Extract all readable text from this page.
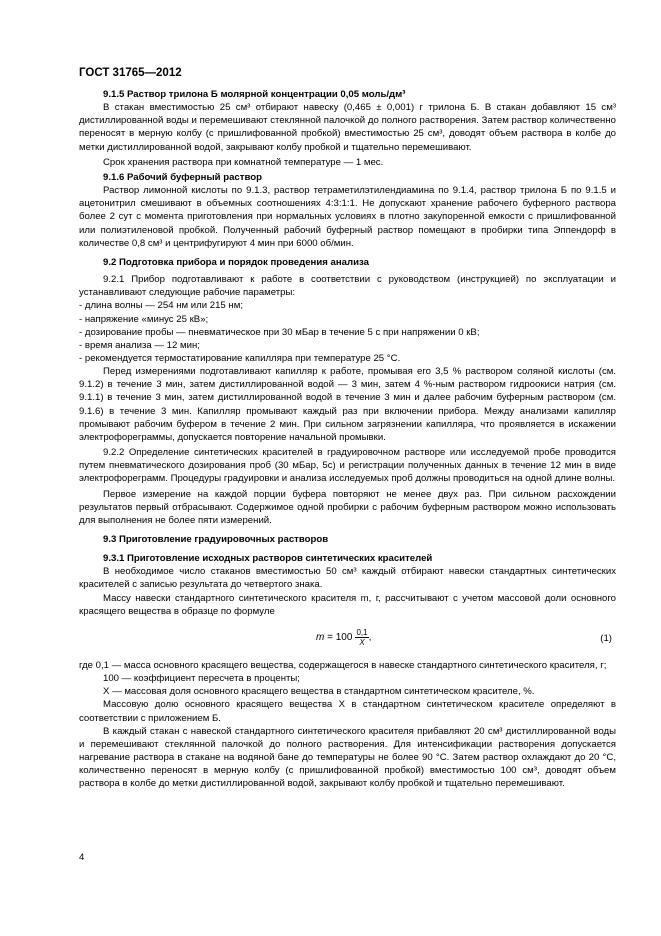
ГОСТ 31765—2012

9.1.5 Раствор трилона Б молярной концентрации 0,05 моль/дм³

В стакан вместимостью 25 см³ отбирают навеску (0,465 ± 0,001) г трилона Б. В стакан добавляют 15 см³ дистиллированной воды и перемешивают стеклянной палочкой до полного растворения. Затем раствор количественно переносят в мерную колбу (с пришлифованной пробкой) вместимостью 25 см³, доводят объем раствора в колбе до метки дистиллированной водой, закрывают колбу пробкой и тщательно перемешивают.

Срок хранения раствора при комнатной температуре — 1 мес.

9.1.6 Рабочий буферный раствор

Раствор лимонной кислоты по 9.1.3, раствор тетраметилэтилендиамина по 9.1.4, раствор трилона Б по 9.1.5 и ацетонитрил смешивают в объемных соотношениях 4:3:1:1. Не допускают хранение рабочего буферного раствора более 2 сут с момента приготовления при нормальных условиях в плотно закупоренной емкости с пришлифованной или полиэтиленовой пробкой. Полученный рабочий буферный раствор помещают в пробирки типа Эппендорф в количестве 0,8 см³ и центрифугируют 4 мин при 6000 об/мин.

9.2 Подготовка прибора и порядок проведения анализа

9.2.1 Прибор подготавливают к работе в соответствии с руководством (инструкцией) по эксплуатации и устанавливают следующие рабочие параметры:

- длина волны — 254 нм или 215 нм;

- напряжение «минус 25 кВ»;

- дозирование пробы — пневматическое при 30 мБар в течение 5 с при напряжении 0 кВ;

- время анализа — 12 мин;

- рекомендуется термостатирование капилляра при температуре 25 °С.

Перед измерениями подготавливают капилляр к работе, промывая его 3,5 % раствором соляной кислоты (см. 9.1.2) в течение 3 мин, затем дистиллированной водой — 3 мин, затем 4 %-ным раствором гидроокиси натрия (см. 9.1.1) в течение 3 мин, затем дистиллированной водой в течение 3 мин и далее рабочим буферным раствором (см. 9.1.6) в течение 3 мин. Капилляр промывают каждый раз при включении прибора. Между анализами капилляр промывают рабочим буфером в течение 2 мин. При сильном загрязнении капилляра, что проявляется в искажении электрофореграммы, допускается повторение начальной промывки.

9.2.2 Определение синтетических красителей в градуировочном растворе или исследуемой пробе проводится путем пневматического дозирования проб (30 мБар, 5с) и регистрации полученных данных в течение 12 мин в виде электрофореграмм. Процедуры градуировки и анализа исследуемых проб должны проводиться на одной длине волны.

Первое измерение на каждой порции буфера повторяют не менее двух раз. При сильном расхождении результатов первый отбрасывают. Содержимое одной пробирки с рабочим буферным раствором можно использовать для выполнения не более пяти измерений.

9.3 Приготовление градуировочных растворов

9.3.1 Приготовление исходных растворов синтетических красителей

В необходимое число стаканов вместимостью 50 см³ каждый отбирают навески стандартных синтетических красителей с записью результата до четвертого знака.

Массу навески стандартного синтетического красителя m, г, рассчитывают с учетом массовой доли основного красящего вещества в образце по формуле

m
= $100 \frac{0,1}{X}$ ,	(1)

где 0,1 — масса основного красящего вещества, содержащегося в навеске стандартного синтетического красителя, г;

100 — коэффициент пересчета в проценты;

X — массовая доля основного красящего вещества в стандартном синтетическом красителе, %.

Массовую долю основного красящего вещества X в стандартном синтетическом красителе определяют в соответствии с приложением Б.

В каждый стакан с навеской стандартного синтетического красителя прибавляют 20 см³ дистиллированной воды и перемешивают стеклянной палочкой до полного растворения. Для интенсификации растворения допускается нагревание раствора в стакане на водяной бане до температуры не более 90 °С. Затем раствор охлаждают до 20 °С, количественно переносят в мерную колбу (с пришлифованной пробкой) вместимостью 100 см³, доводят объем раствора в колбе до метки дистиллированной водой, закрывают колбу пробкой и тщательно перемешивают.

4
